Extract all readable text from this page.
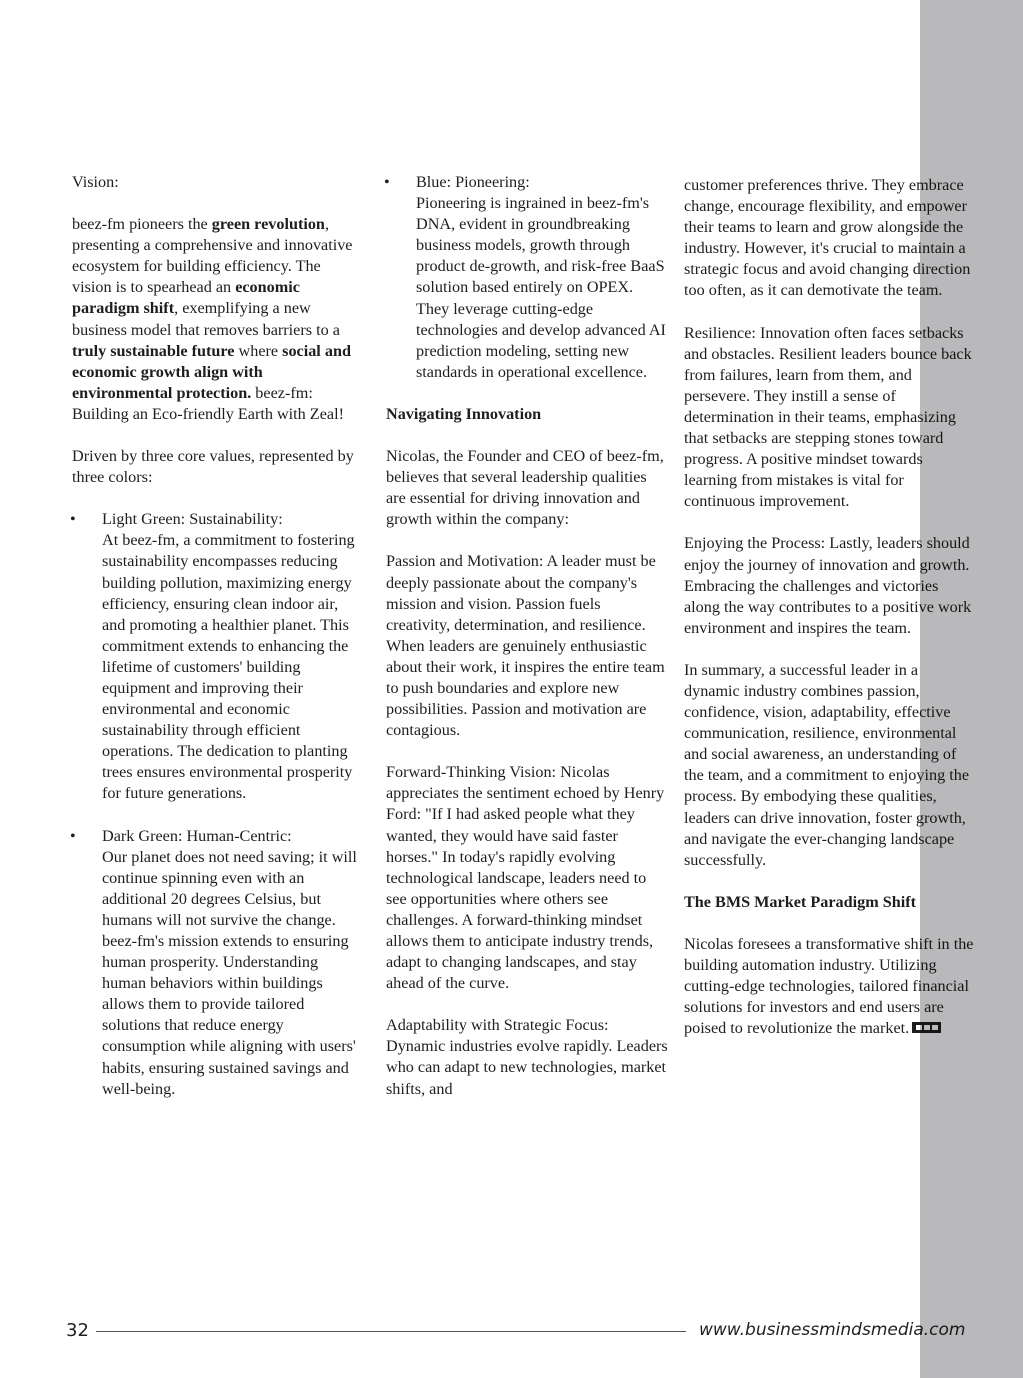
Vision:

beez-fm pioneers the green revolution, presenting a comprehensive and innovative ecosystem for building efficiency. The vision is to spearhead an economic paradigm shift, exemplifying a new business model that removes barriers to a truly sustainable future where social and economic growth align with environmental protection. beez-fm: Building an Eco-friendly Earth with Zeal!

Driven by three core values, represented by three colors:

• Light Green: Sustainability:
At beez-fm, a commitment to fostering sustainability encompasses reducing building pollution, maximizing energy efficiency, ensuring clean indoor air, and promoting a healthier planet. This commitment extends to enhancing the lifetime of customers' building equipment and improving their environmental and economic sustainability through efficient operations. The dedication to planting trees ensures environmental prosperity for future generations.
• Dark Green: Human-Centric:
Our planet does not need saving; it will continue spinning even with an additional 20 degrees Celsius, but humans will not survive the change. beez-fm's mission extends to ensuring human prosperity. Understanding human behaviors within buildings allows them to provide tailored solutions that reduce energy consumption while aligning with users' habits, ensuring sustained savings and well-being.
• Blue: Pioneering:
Pioneering is ingrained in beez-fm's DNA, evident in groundbreaking business models, growth through product de-growth, and risk-free BaaS solution based entirely on OPEX. They leverage cutting-edge technologies and develop advanced AI prediction modeling, setting new standards in operational excellence.

Navigating Innovation

Nicolas, the Founder and CEO of beez-fm, believes that several leadership qualities are essential for driving innovation and growth within the company:

Passion and Motivation: A leader must be deeply passionate about the company's mission and vision. Passion fuels creativity, determination, and resilience. When leaders are genuinely enthusiastic about their work, it inspires the entire team to push boundaries and explore new possibilities. Passion and motivation are contagious.

Forward-Thinking Vision: Nicolas appreciates the sentiment echoed by Henry Ford: "If I had asked people what they wanted, they would have said faster horses." In today's rapidly evolving technological landscape, leaders need to see opportunities where others see challenges. A forward-thinking mindset allows them to anticipate industry trends, adapt to changing landscapes, and stay ahead of the curve.

Adaptability with Strategic Focus: Dynamic industries evolve rapidly. Leaders who can adapt to new technologies, market shifts, and

customer preferences thrive. They embrace change, encourage flexibility, and empower their teams to learn and grow alongside the industry. However, it's crucial to maintain a strategic focus and avoid changing direction too often, as it can demotivate the team.

Resilience: Innovation often faces setbacks and obstacles. Resilient leaders bounce back from failures, learn from them, and persevere. They instill a sense of determination in their teams, emphasizing that setbacks are stepping stones toward progress. A positive mindset towards learning from mistakes is vital for continuous improvement.

Enjoying the Process: Lastly, leaders should enjoy the journey of innovation and growth. Embracing the challenges and victories along the way contributes to a positive work environment and inspires the team.

In summary, a successful leader in a dynamic industry combines passion, confidence, vision, adaptability, effective communication, resilience, environmental and social awareness, an understanding of the team, and a commitment to enjoying the process. By embodying these qualities, leaders can drive innovation, foster growth, and navigate the ever-changing landscape successfully.

The BMS Market Paradigm Shift

Nicolas foresees a transformative shift in the building automation industry. Utilizing cutting-edge technologies, tailored financial solutions for investors and end users are poised to revolutionize the market.

32	www.businessmindsmedia.com
